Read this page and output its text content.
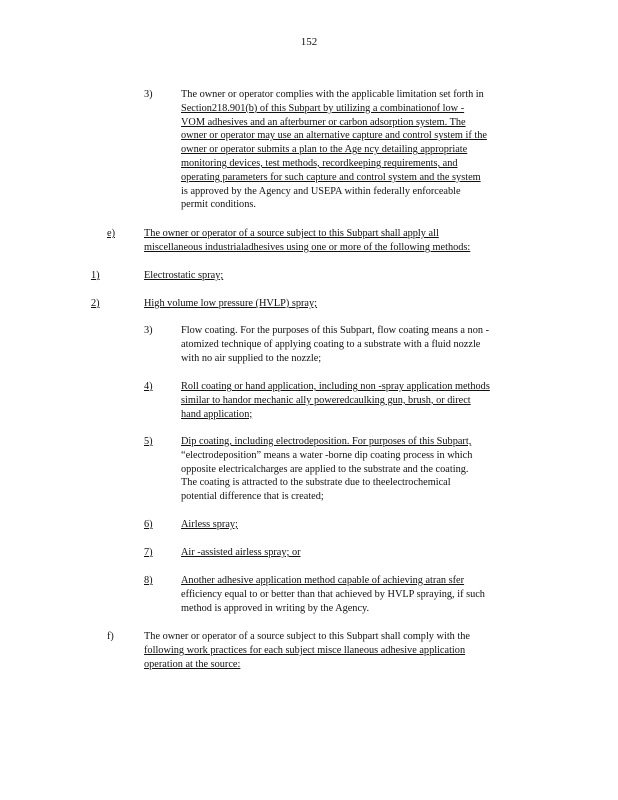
152
3)	The owner or operator complies with the applicable limitation set forth in
Section218.901(b) of this Subpart by utilizing a combinationof low -
VOM adhesives and an afterburner or carbon adsorption system. The
owner or operator may use an alternative capture and control system if the
owner or operator submits a plan to the Age ncy detailing appropriate
monitoring devices, test methods, recordkeeping requirements, and
operating parameters for such capture and control system and the system
is approved by the Agency and USEPA within federally enforceable
permit conditions.
e)	The owner or operator of a source subject to this Subpart shall apply all
miscellaneous industrialadhesives using one or more of the following methods:
1)	Electrostatic spray;
2)	High volume low pressure (HVLP) spray;
3)	Flow coating. For the purposes of this Subpart, flow coating means a non -
atomized technique of applying coating to a substrate with a fluid nozzle
with no air supplied to the nozzle;
4)	Roll coating or hand application, including non -spray application methods
similar to handor mechanic ally poweredcaulking gun, brush, or direct
hand application;
5)	Dip coating, including electrodeposition. For purposes of this Subpart,
“electrodeposition” means a water -borne dip coating process in which
opposite electricalcharges are applied to the substrate and the coating.
The coating is attracted to the substrate due to theelectrochemical
potential difference that is created;
6)	Airless spray;
7)	Air -assisted airless spray; or
8)	Another adhesive application method capable of achieving atran sfer
efficiency equal to or better than that achieved by HVLP spraying, if such
method is approved in writing by the Agency.
f)	The owner or operator of a source subject to this Subpart shall comply with the
following work practices for each subject misce llaneous adhesive application
operation at the source:
